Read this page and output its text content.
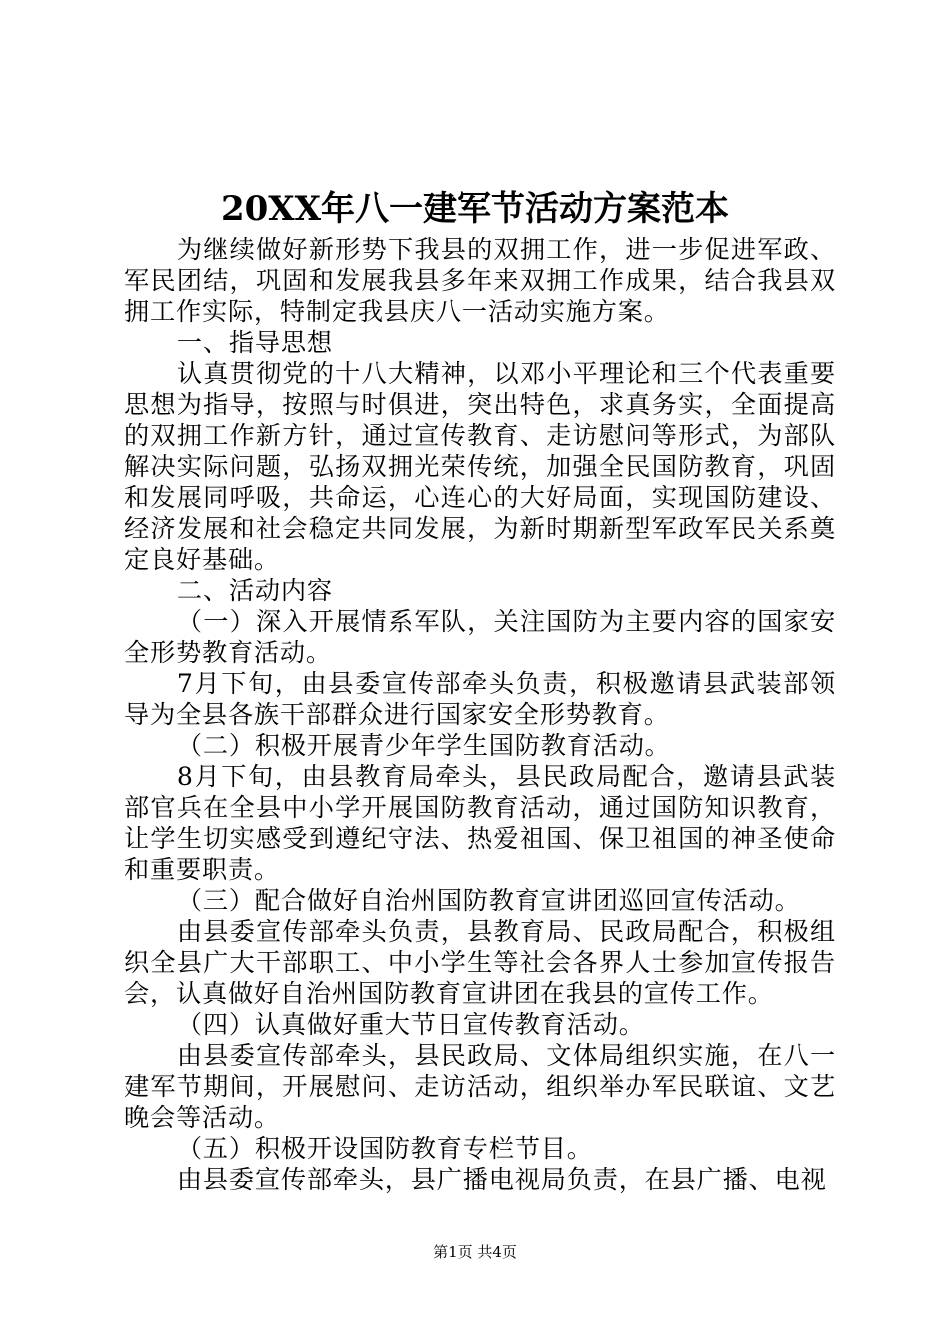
20XX年八一建军节活动方案范本

为继续做好新形势下我县的双拥工作，进一步促进军政、军民团结，巩固和发展我县多年来双拥工作成果，结合我县双拥工作实际，特制定我县庆八一活动实施方案。

一、指导思想

认真贯彻党的十八大精神，以邓小平理论和三个代表重要思想为指导，按照与时俱进，突出特色，求真务实，全面提高的双拥工作新方针，通过宣传教育、走访慰问等形式，为部队解决实际问题，弘扬双拥光荣传统，加强全民国防教育，巩固和发展同呼吸，共命运，心连心的大好局面，实现国防建设、经济发展和社会稳定共同发展，为新时期新型军政军民关系奠定良好基础。

二、活动内容

（一）深入开展情系军队，关注国防为主要内容的国家安全形势教育活动。

7月下旬，由县委宣传部牵头负责，积极邀请县武装部领导为全县各族干部群众进行国家安全形势教育。

（二）积极开展青少年学生国防教育活动。

8月下旬，由县教育局牵头，县民政局配合，邀请县武装部官兵在全县中小学开展国防教育活动，通过国防知识教育，让学生切实感受到遵纪守法、热爱祖国、保卫祖国的神圣使命和重要职责。

（三）配合做好自治州国防教育宣讲团巡回宣传活动。

由县委宣传部牵头负责，县教育局、民政局配合，积极组织全县广大干部职工、中小学生等社会各界人士参加宣传报告会，认真做好自治州国防教育宣讲团在我县的宣传工作。

（四）认真做好重大节日宣传教育活动。

由县委宣传部牵头，县民政局、文体局组织实施，在八一建军节期间，开展慰问、走访活动，组织举办军民联谊、文艺晚会等活动。

（五）积极开设国防教育专栏节目。

由县委宣传部牵头，县广播电视局负责，在县广播、电视

第1页 共4页
